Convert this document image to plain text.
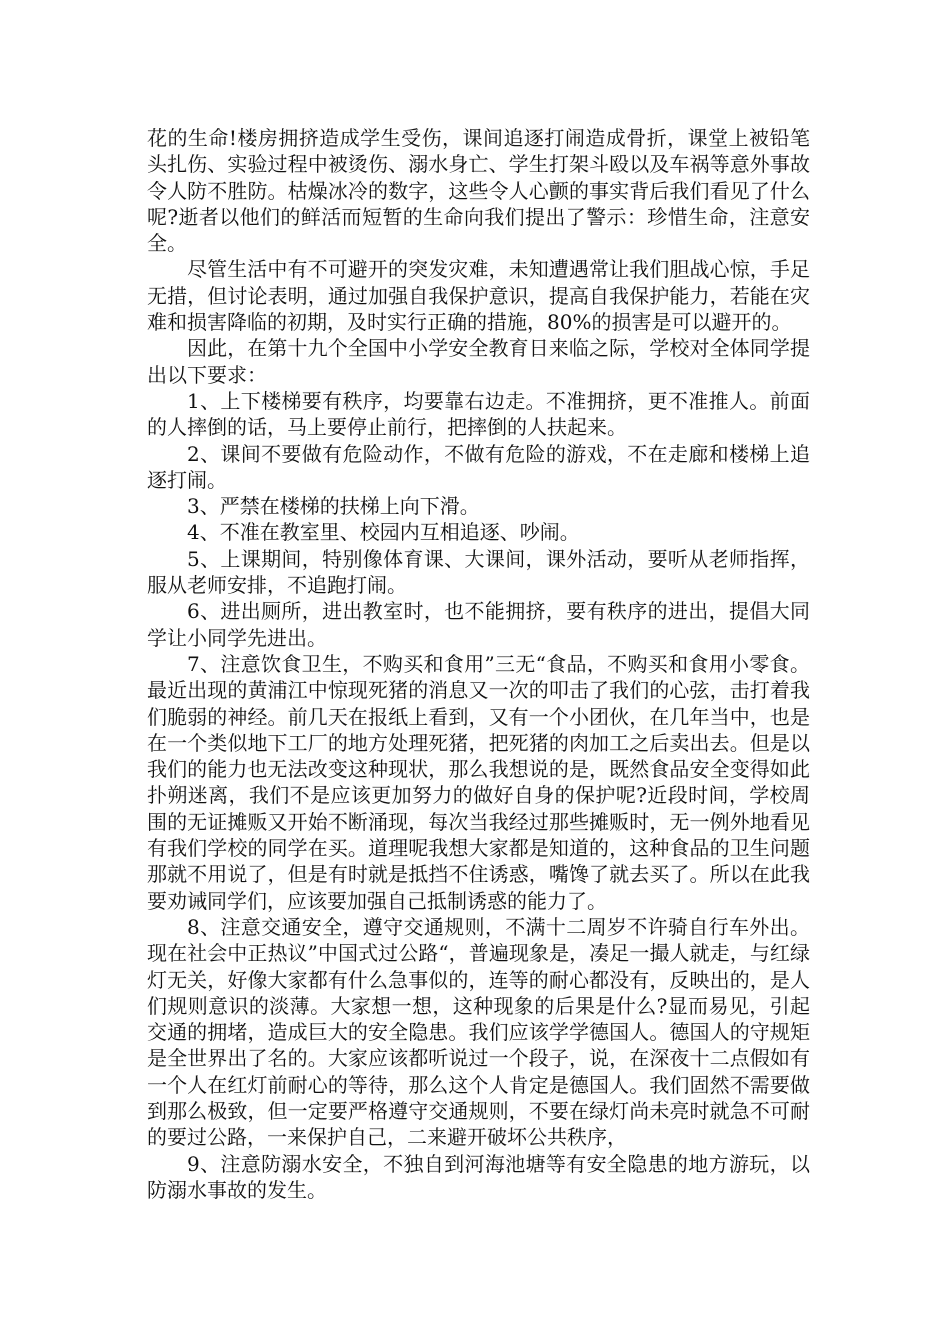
花的生命!楼房拥挤造成学生受伤，课间追逐打闹造成骨折，课堂上被铅笔头扎伤、实验过程中被烫伤、溺水身亡、学生打架斗殴以及车祸等意外事故令人防不胜防。枯燥冰冷的数字，这些令人心颤的事实背后我们看见了什么呢?逝者以他们的鲜活而短暂的生命向我们提出了警示：珍惜生命，注意安全。

尽管生活中有不可避开的突发灾难，未知遭遇常让我们胆战心惊，手足无措，但讨论表明，通过加强自我保护意识，提高自我保护能力，若能在灾难和损害降临的初期，及时实行正确的措施，80%的损害是可以避开的。

因此，在第十九个全国中小学安全教育日来临之际，学校对全体同学提出以下要求：

1、上下楼梯要有秩序，均要靠右边走。不准拥挤，更不准推人。前面的人摔倒的话，马上要停止前行，把摔倒的人扶起来。

2、课间不要做有危险动作，不做有危险的游戏，不在走廊和楼梯上追逐打闹。

3、严禁在楼梯的扶梯上向下滑。

4、不准在教室里、校园内互相追逐、吵闹。

5、上课期间，特别像体育课、大课间，课外活动，要听从老师指挥，服从老师安排，不追跑打闹。

6、进出厕所，进出教室时，也不能拥挤，要有秩序的进出，提倡大同学让小同学先进出。

7、注意饮食卫生，不购买和食用”三无“食品，不购买和食用小零食。最近出现的黄浦江中惊现死猪的消息又一次的叩击了我们的心弦，击打着我们脆弱的神经。前几天在报纸上看到，又有一个小团伙，在几年当中，也是在一个类似地下工厂的地方处理死猪，把死猪的肉加工之后卖出去。但是以我们的能力也无法改变这种现状，那么我想说的是，既然食品安全变得如此扑朔迷离，我们不是应该更加努力的做好自身的保护呢?近段时间，学校周围的无证摊贩又开始不断涌现，每次当我经过那些摊贩时，无一例外地看见有我们学校的同学在买。道理呢我想大家都是知道的，这种食品的卫生问题那就不用说了，但是有时就是抵挡不住诱惑，嘴馋了就去买了。所以在此我要劝诫同学们，应该要加强自己抵制诱惑的能力了。

8、注意交通安全，遵守交通规则，不满十二周岁不许骑自行车外出。现在社会中正热议”中国式过公路“，普遍现象是，凑足一撮人就走，与红绿灯无关，好像大家都有什么急事似的，连等的耐心都没有，反映出的，是人们规则意识的淡薄。大家想一想，这种现象的后果是什么?显而易见，引起交通的拥堵，造成巨大的安全隐患。我们应该学学德国人。德国人的守规矩是全世界出了名的。大家应该都听说过一个段子，说，在深夜十二点假如有一个人在红灯前耐心的等待，那么这个人肯定是德国人。我们固然不需要做到那么极致，但一定要严格遵守交通规则，不要在绿灯尚未亮时就急不可耐的要过公路，一来保护自己，二来避开破坏公共秩序，

9、注意防溺水安全，不独自到河海池塘等有安全隐患的地方游玩，以防溺水事故的发生。
